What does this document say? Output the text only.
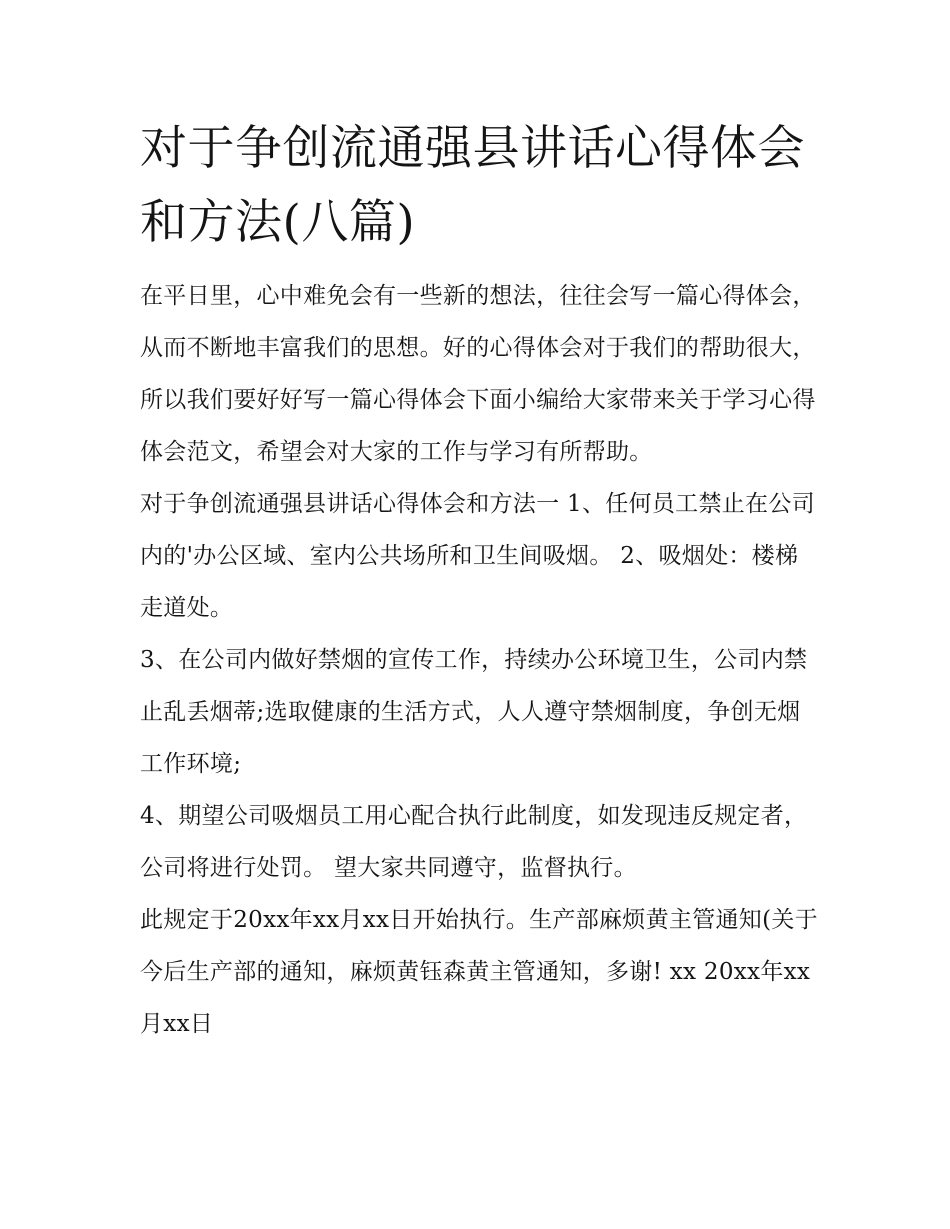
对于争创流通强县讲话心得体会和方法(八篇)

在平日里，心中难免会有一些新的想法，往往会写一篇心得体会，从而不断地丰富我们的思想。好的心得体会对于我们的帮助很大，所以我们要好好写一篇心得体会下面小编给大家带来关于学习心得体会范文，希望会对大家的工作与学习有所帮助。

对于争创流通强县讲话心得体会和方法一 1、任何员工禁止在公司内的'办公区域、室内公共场所和卫生间吸烟。 2、吸烟处：楼梯走道处。

3、在公司内做好禁烟的宣传工作，持续办公环境卫生，公司内禁止乱丢烟蒂;选取健康的生活方式，人人遵守禁烟制度，争创无烟工作环境;

4、期望公司吸烟员工用心配合执行此制度，如发现违反规定者，公司将进行处罚。 望大家共同遵守，监督执行。

此规定于20xx年xx月xx日开始执行。生产部麻烦黄主管通知(关于今后生产部的通知，麻烦黄钰森黄主管通知，多谢! xx 20xx年xx月xx日
